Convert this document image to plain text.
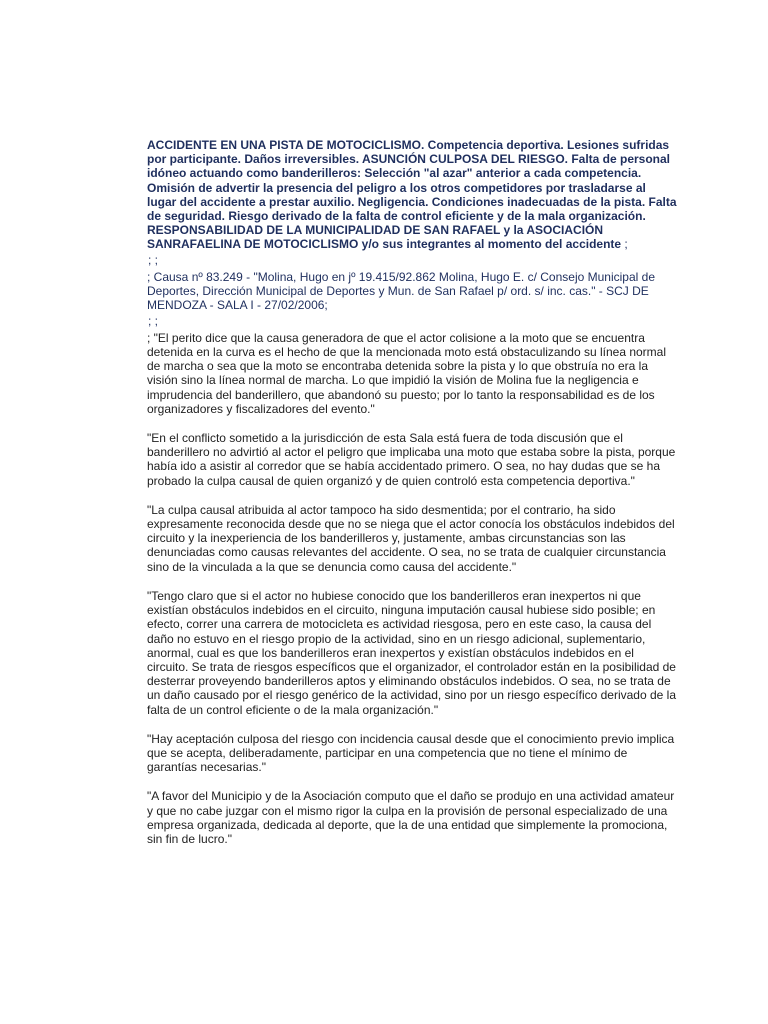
ACCIDENTE EN UNA PISTA DE MOTOCICLISMO. Competencia deportiva. Lesiones sufridas por participante. Daños irreversibles. ASUNCIÓN CULPOSA DEL RIESGO. Falta de personal idóneo actuando como banderilleros: Selección "al azar" anterior a cada competencia. Omisión de advertir la presencia del peligro a los otros competidores por trasladarse al lugar del accidente a prestar auxilio. Negligencia. Condiciones inadecuadas de la pista. Falta de seguridad. Riesgo derivado de la falta de control eficiente y de la mala organización. RESPONSABILIDAD DE LA MUNICIPALIDAD DE SAN RAFAEL y la ASOCIACIÓN SANRAFAELINA DE MOTOCICLISMO y/o sus integrantes al momento del accidente ;

; ;

; Causa nº 83.249 - "Molina, Hugo en jº 19.415/92.862 Molina, Hugo E. c/ Consejo Municipal de Deportes, Dirección Municipal de Deportes y Mun. de San Rafael p/ ord. s/ inc. cas." - SCJ DE MENDOZA - SALA I - 27/02/2006;

; ;

; "El perito dice que la causa generadora de que el actor colisione a la moto que se encuentra detenida en la curva es el hecho de que la mencionada moto está obstaculizando su línea normal de marcha o sea que la moto se encontraba detenida sobre la pista y lo que obstruía no era la visión sino la línea normal de marcha. Lo que impidió la visión de Molina fue la negligencia e imprudencia del banderillero, que abandonó su puesto; por lo tanto la responsabilidad es de los organizadores y fiscalizadores del evento."

"En el conflicto sometido a la jurisdicción de esta Sala está fuera de toda discusión que el banderillero no advirtió al actor el peligro que implicaba una moto que estaba sobre la pista, porque había ido a asistir al corredor que se había accidentado primero. O sea, no hay dudas que se ha probado la culpa causal de quien organizó y de quien controló esta competencia deportiva."

"La culpa causal atribuida al actor tampoco ha sido desmentida; por el contrario, ha sido expresamente reconocida desde que no se niega que el actor conocía los obstáculos indebidos del circuito y la inexperiencia de los banderilleros y, justamente, ambas circunstancias son las denunciadas como causas relevantes del accidente. O sea, no se trata de cualquier circunstancia sino de la vinculada a la que se denuncia como causa del accidente."

"Tengo claro que si el actor no hubiese conocido que los banderilleros eran inexpertos ni que existían obstáculos indebidos en el circuito, ninguna imputación causal hubiese sido posible; en efecto, correr una carrera de motocicleta es actividad riesgosa, pero en este caso, la causa del daño no estuvo en el riesgo propio de la actividad, sino en un riesgo adicional, suplementario, anormal, cual es que los banderilleros eran inexpertos y existían obstáculos indebidos en el circuito. Se trata de riesgos específicos que el organizador, el controlador están en la posibilidad de desterrar proveyendo banderilleros aptos y eliminando obstáculos indebidos. O sea, no se trata de un daño causado por el riesgo genérico de la actividad, sino por un riesgo específico derivado de la falta de un control eficiente o de la mala organización."

"Hay aceptación culposa del riesgo con incidencia causal desde que el conocimiento previo implica que se acepta, deliberadamente, participar en una competencia que no tiene el mínimo de garantías necesarias."

"A favor del Municipio y de la Asociación computo que el daño se produjo en una actividad amateur y que no cabe juzgar con el mismo rigor la culpa en la provisión de personal especializado de una empresa organizada, dedicada al deporte, que la de una entidad que simplemente la promociona, sin fin de lucro."
